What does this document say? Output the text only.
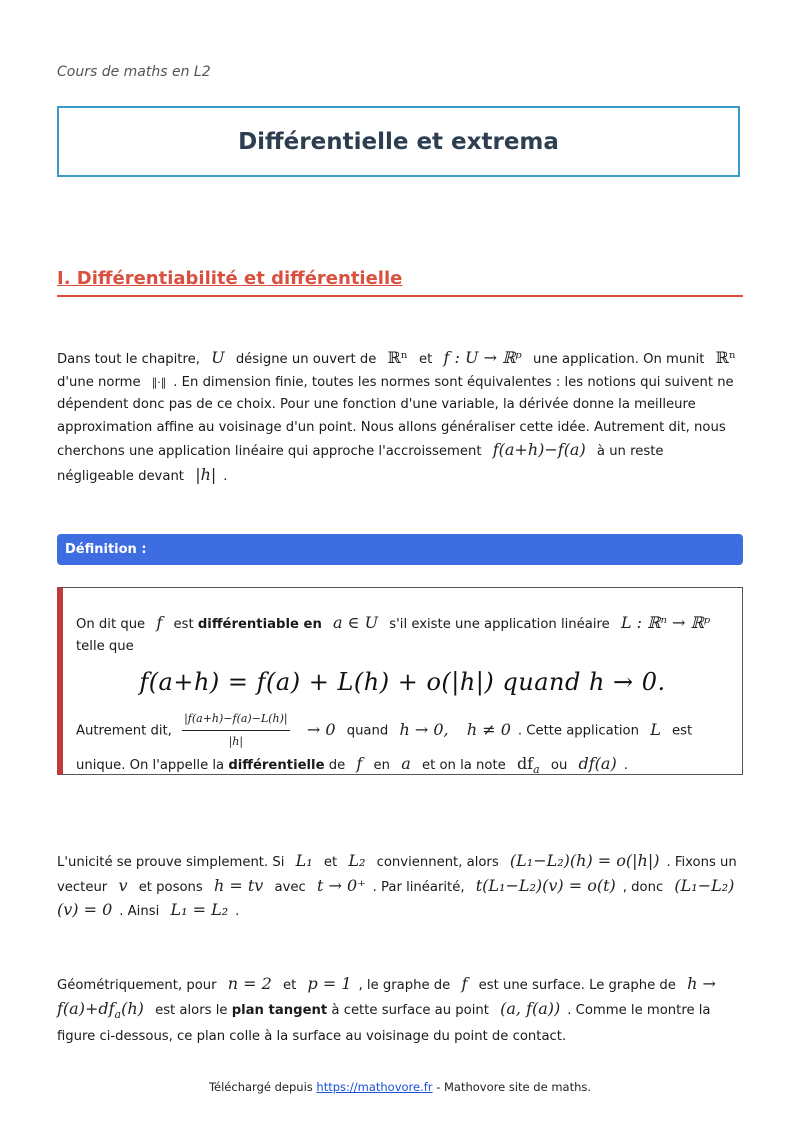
Cours de maths en L2
Différentielle et extrema
I. Différentiabilité et différentielle
Dans tout le chapitre, U désigne un ouvert de ℝⁿ et f : U → ℝᵖ une application. On munit ℝⁿ d'une norme ‖·‖ . En dimension finie, toutes les normes sont équivalentes : les notions qui suivent ne dépendent donc pas de ce choix. Pour une fonction d'une variable, la dérivée donne la meilleure approximation affine au voisinage d'un point. Nous allons généraliser cette idée. Autrement dit, nous cherchons une application linéaire qui approche l'accroissement f(a+h)−f(a) à un reste négligeable devant |h| .
Définition :
On dit que f est différentiable en a ∈ U s'il existe une application linéaire L : ℝⁿ → ℝᵖ telle que
f(a+h) = f(a) + L(h) + o(|h|) quand h → 0.
Autrement dit, $\frac{|f(a+h)-f(a)-L(h)|}{|h|} \to 0$ quand h → 0, h ≠ 0 . Cette application L est unique. On l'appelle la différentielle de f en a et on la note $df_a$ ou df(a) .
L'unicité se prouve simplement. Si L₁ et L₂ conviennent, alors (L₁−L₂)(h) = o(|h|) . Fixons un vecteur v et posons h = tv avec t → 0⁺ . Par linéarité, t(L₁−L₂)(v) = o(t) , donc (L₁−L₂)(v) = 0 . Ainsi L₁ = L₂ .
Géométriquement, pour n = 2 et p = 1 , le graphe de f est une surface. Le graphe de $h \to f(a)+df_a(h)$ est alors le plan tangent à cette surface au point (a, f(a)) . Comme le montre la figure ci-dessous, ce plan colle à la surface au voisinage du point de contact.
Téléchargé depuis https://mathovore.fr - Mathovore site de maths.
